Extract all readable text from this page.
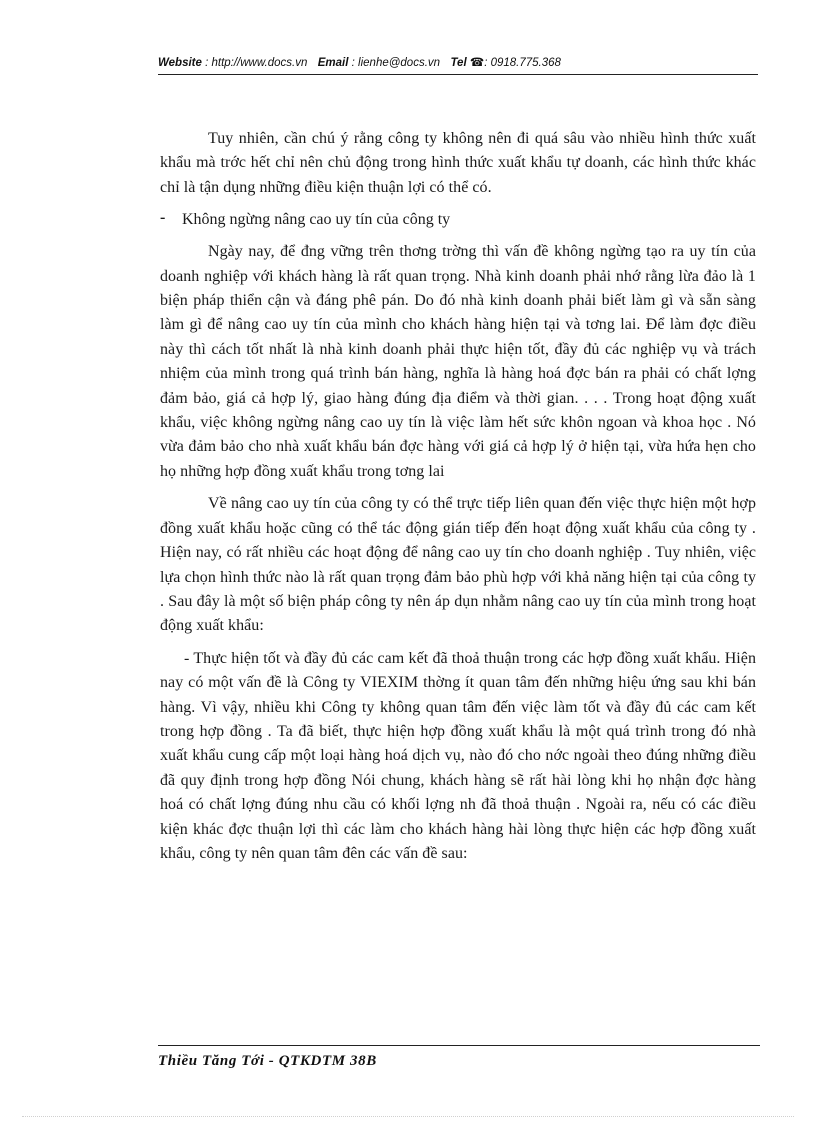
Website : http://www.docs.vn Email : lienhe@docs.vn Tel ☎: 0918.775.368

Tuy nhiên, cần chú ý rằng công ty không nên đi quá sâu vào nhiều hình thức xuất khẩu mà trớc hết chỉ nên chủ động trong hình thức xuất khẩu tự doanh, các hình thức khác chỉ là tận dụng những điều kiện thuận lợi có thể có.

- Không ngừng nâng cao uy tín của công ty

Ngày nay, để đng vững trên thơng trờng thì vấn đề không ngừng tạo ra uy tín của doanh nghiệp với khách hàng là rất quan trọng. Nhà kinh doanh phải nhớ rằng lừa đảo là 1 biện pháp thiển cận và đáng phê pán. Do đó nhà kinh doanh phải biết làm gì và sẵn sàng làm gì để nâng cao uy tín của mình cho khách hàng hiện tại và tơng lai. Để làm đợc điều này thì cách tốt nhất là nhà kinh doanh phải thực hiện tốt, đầy đủ các nghiệp vụ và trách nhiệm của mình trong quá trình bán hàng, nghĩa là hàng hoá đợc bán ra phải có chất lợng đảm bảo, giá cả hợp lý, giao hàng đúng địa điểm và thời gian. . . . Trong hoạt động xuất khẩu, việc không ngừng nâng cao uy tín là việc làm hết sức khôn ngoan và khoa học . Nó vừa đảm bảo cho nhà xuất khẩu bán đợc hàng với giá cả hợp lý ở hiện tại, vừa hứa hẹn cho họ những hợp đồng xuất khẩu trong tơng lai

Về nâng cao uy tín của công ty có thể trực tiếp liên quan đến việc thực hiện một hợp đồng xuất khẩu hoặc cũng có thể tác động gián tiếp đến hoạt động xuất khẩu của công ty . Hiện nay, có rất nhiều các hoạt động để nâng cao uy tín cho doanh nghiệp . Tuy nhiên, việc lựa chọn hình thức nào là rất quan trọng đảm bảo phù hợp với khả năng hiện tại của công ty . Sau đây là một số biện pháp công ty nên áp dụn nhằm nâng cao uy tín của mình trong hoạt động xuất khẩu:

- Thực hiện tốt và đầy đủ các cam kết đã thoả thuận trong các hợp đồng xuất khẩu. Hiện nay có một vấn đề là Công ty VIEXIM thờng ít quan tâm đến những hiệu ứng sau khi bán hàng. Vì vậy, nhiều khi Công ty không quan tâm đến việc làm tốt và đầy đủ các cam kết trong hợp đồng . Ta đã biết, thực hiện hợp đồng xuất khẩu là một quá trình trong đó nhà xuất khẩu cung cấp một loại hàng hoá dịch vụ, nào đó cho nớc ngoài theo đúng những điều đã quy định trong hợp đồng Nói chung, khách hàng sẽ rất hài lòng khi họ nhận đợc hàng hoá có chất lợng đúng nhu cầu có khối lợng nh đã thoả thuận . Ngoài ra, nếu có các điều kiện khác đợc thuận lợi thì các làm cho khách hàng hài lòng thực hiện các hợp đồng xuất khẩu, công ty nên quan tâm đên các vấn đề sau:

Thiều Tăng Tới - QTKDTM 38B
